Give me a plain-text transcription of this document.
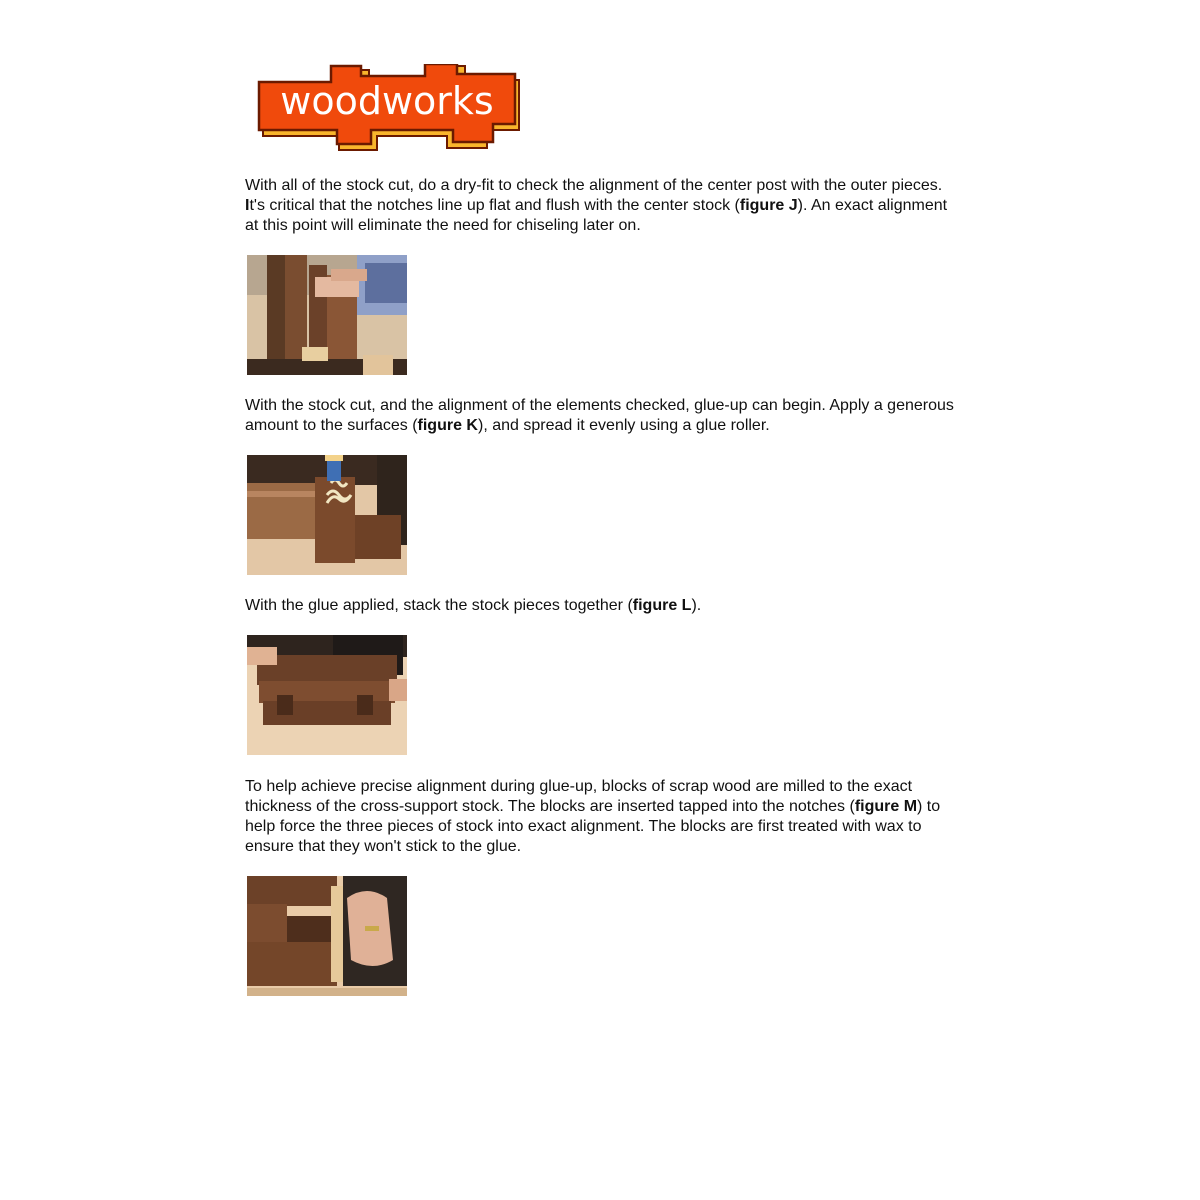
woodworks

With all of the stock cut, do a dry-fit to check the alignment of the center post with the outer pieces. It's critical that the notches line up flat and flush with the center stock (figure J). An exact alignment at this point will eliminate the need for chiseling later on.

With the stock cut, and the alignment of the elements checked, glue-up can begin. Apply a generous amount to the surfaces (figure K), and spread it evenly using a glue roller.

With the glue applied, stack the stock pieces together (figure L).

To help achieve precise alignment during glue-up, blocks of scrap wood are milled to the exact thickness of the cross-support stock. The blocks are inserted tapped into the notches (figure M) to help force the three pieces of stock into exact alignment. The blocks are first treated with wax to ensure that they won't stick to the glue.
